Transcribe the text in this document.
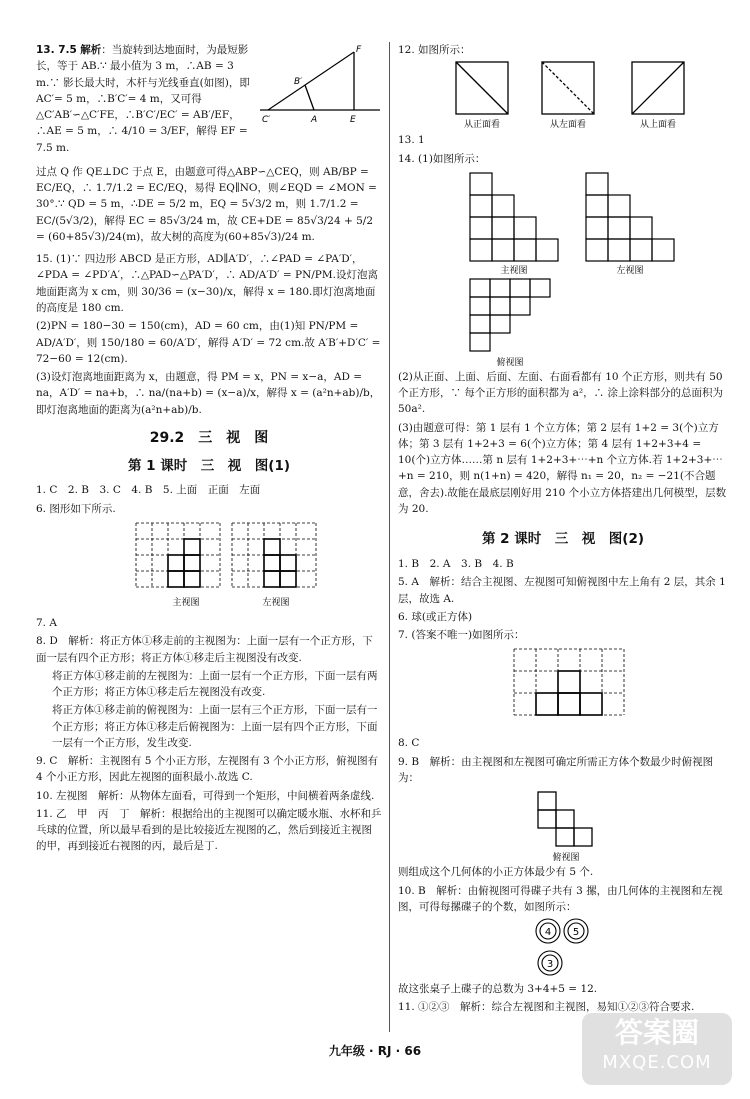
F
B′
C′	A	E
13. 7.5 解析：当旋转到达地面时，为最短影长，等于 AB.∵ 最小值为 3 m，∴AB = 3 m.∵ 影长最大时，木杆与光线垂直(如图)，即 AC′= 5 m，∴B′C′= 4 m，又可得△C′AB′∽△C′FE，∴B′C′/EC′ = AB′/EF，∴AE = 5 m，∴ 4/10 = 3/EF，解得 EF = 7.5 m.
过点 Q 作 QE⊥DC 于点 E，由题意可得△ABP∽△CEQ，则 AB/BP = EC/EQ，∴ 1.7/1.2 = EC/EQ，易得 EQ∥NO，则∠EQD = ∠MON = 30°.∵ QD = 5 m，∴DE = 5/2 m，EQ = 5√3/2 m，则 1.7/1.2 = EC/(5√3/2)，解得 EC = 85√3/24 m，故 CE+DE = 85√3/24 + 5/2 = (60+85√3)/24(m)，故大树的高度为(60+85√3)/24 m.
15. (1)∵ 四边形 ABCD 是正方形，AD∥A′D′，∴∠PAD = ∠PA′D′，∠PDA = ∠PD′A′，∴△PAD∽△PA′D′，∴ AD/A′D′ = PN/PM.设灯泡离地面距离为 x cm，则 30/36 = (x−30)/x，解得 x = 180.即灯泡离地面的高度是 180 cm.
(2)PN = 180−30 = 150(cm)，AD = 60 cm，由(1)知 PN/PM = AD/A′D′，则 150/180 = 60/A′D′，解得 A′D′ = 72 cm.故 A′B′+D′C′ = 72−60 = 12(cm).
(3)设灯泡离地面距离为 x，由题意，得 PM = x，PN = x−a，AD = na，A′D′ = na+b，∴ na/(na+b) = (x−a)/x，解得 x = (a²n+ab)/b，即灯泡离地面的距离为(a²n+ab)/b.
29.2　三　视　图
第 1 课时　三　视　图(1)
1. C　2. B　3. C　4. B　5. 上面　正面　左面
6. 图形如下所示.
主视图	左视图
7. A
8. D　解析：将正方体①移走前的主视图为：上面一层有一个正方形，下面一层有四个正方形；将正方体①移走后主视图没有改变.
将正方体①移走前的左视图为：上面一层有一个正方形，下面一层有两个正方形；将正方体①移走后左视图没有改变.
将正方体①移走前的俯视图为：上面一层有三个正方形，下面一层有一个正方形；将正方体①移走后俯视图为：上面一层有四个正方形，下面一层有一个正方形，发生改变.
9. C　解析：主视图有 5 个小正方形，左视图有 3 个小正方形，俯视图有 4 个小正方形，因此左视图的面积最小.故选 C.
10. 左视图　解析：从物体左面看，可得到一个矩形，中间横着两条虚线.
11. 乙　甲　丙　丁　解析：根据给出的主视图可以确定暖水瓶、水杯和乒乓球的位置，所以最早看到的是比较接近左视图的乙，然后到接近主视图的甲，再到接近右视图的丙，最后是丁.
12. 如图所示：
从正面看	从左面看	从上面看
13. 1
14. (1)如图所示：
主视图	左视图
俯视图
(2)从正面、上面、后面、左面、右面看都有 10 个正方形，则共有 50 个正方形，∵ 每个正方形的面积都为 a²，∴ 涂上涂料部分的总面积为 50a².
(3)由题意可得：第 1 层有 1 个立方体；第 2 层有 1+2 = 3(个)立方体；第 3 层有 1+2+3 = 6(个)立方体；第 4 层有 1+2+3+4 = 10(个)立方体……第 n 层有 1+2+3+⋯+n 个立方体.若 1+2+3+⋯+n = 210，则 n(1+n) = 420，解得 n₁ = 20，n₂ = −21(不合题意，舍去).故能在最底层刚好用 210 个小立方体搭建出几何模型，层数为 20.
第 2 课时　三　视　图(2)
1. B　2. A　3. B　4. B
5. A　解析：结合主视图、左视图可知俯视图中左上角有 2 层，其余 1 层，故选 A.
6. 球(或正方体)
7. (答案不唯一)如图所示：
8. C
9. B　解析：由主视图和左视图可确定所需正方体个数最少时俯视图为：
俯视图
则组成这个几何体的小正方体最少有 5 个.
10. B　解析：由俯视图可得碟子共有 3 摞，由几何体的主视图和左视图，可得每摞碟子的个数，如图所示：
4 5
3
故这张桌子上碟子的总数为 3+4+5 = 12.
11. ①②③　解析：综合左视图和主视图，易知①②③符合要求.
九年级 · RJ · 66
答案圈
MXQE.COM
